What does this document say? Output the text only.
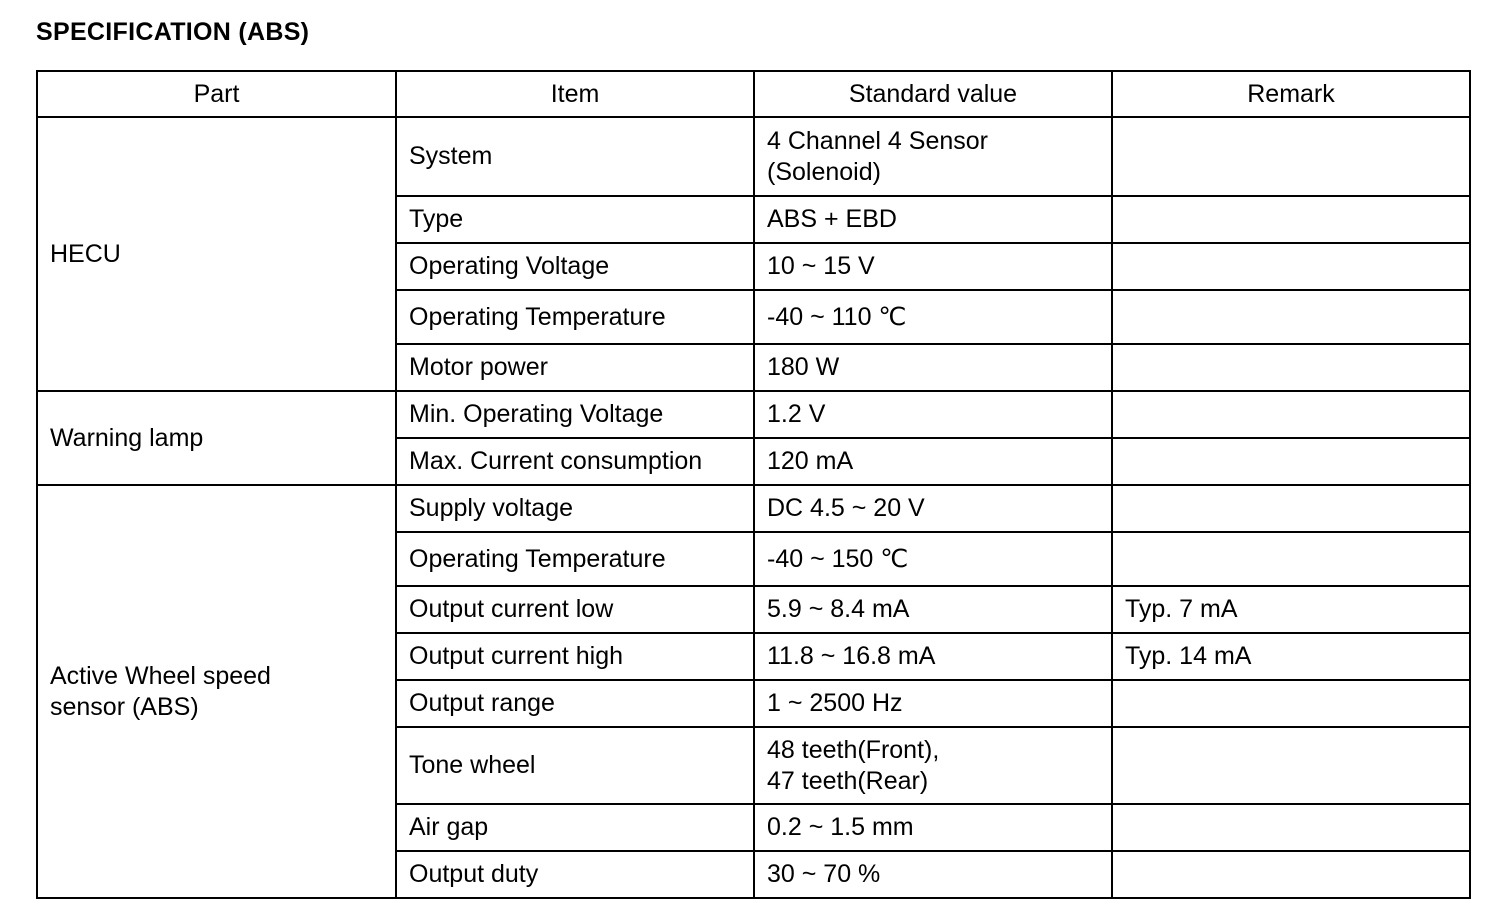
SPECIFICATION (ABS)
Part	Item	Standard value	Remark
HECU	System	4 Channel 4 Sensor
(Solenoid)	
	Type	ABS + EBD	
	Operating Voltage	10 ~ 15 V	
	Operating Temperature	-40 ~ 110 ℃	
	Motor power	180 W	
Warning lamp	Min. Operating Voltage	1.2 V	
	Max. Current consumption	120 mA	
Active Wheel speed
sensor (ABS)	Supply voltage	DC 4.5 ~ 20 V	
	Operating Temperature	-40 ~ 150 ℃	
	Output current low	5.9 ~ 8.4 mA	Typ. 7 mA
	Output current high	11.8 ~ 16.8 mA	Typ. 14 mA
	Output range	1 ~ 2500 Hz	
	Tone wheel	48 teeth(Front),
47 teeth(Rear)	
	Air gap	0.2 ~ 1.5 mm	
	Output duty	30 ~ 70 %	
